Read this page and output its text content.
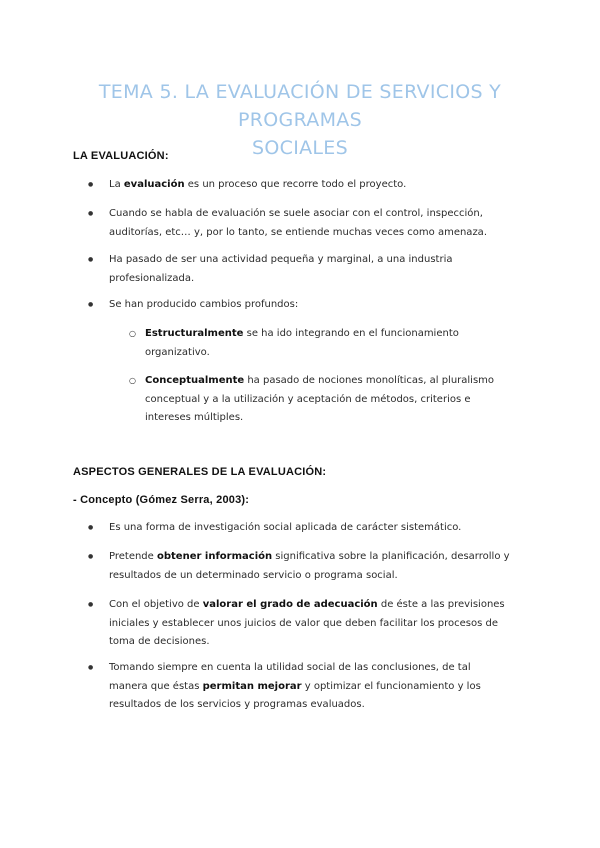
TEMA 5. LA EVALUACIÓN DE SERVICIOS Y PROGRAMAS
SOCIALES
LA EVALUACIÓN:
● La evaluación es un proceso que recorre todo el proyecto.
● Cuando se habla de evaluación se suele asociar con el control, inspección,
auditorías, etc… y, por lo tanto, se entiende muchas veces como amenaza.
● Ha pasado de ser una actividad pequeña y marginal, a una industria
profesionalizada.
● Se han producido cambios profundos:
○ Estructuralmente se ha ido integrando en el funcionamiento
organizativo.
○ Conceptualmente ha pasado de nociones monolíticas, al pluralismo
conceptual y a la utilización y aceptación de métodos, criterios e
intereses múltiples.
ASPECTOS GENERALES DE LA EVALUACIÓN:
- Concepto (Gómez Serra, 2003):
● Es una forma de investigación social aplicada de carácter sistemático.
● Pretende obtener información significativa sobre la planificación, desarrollo y
resultados de un determinado servicio o programa social.
● Con el objetivo de valorar el grado de adecuación de éste a las previsiones
iniciales y establecer unos juicios de valor que deben facilitar los procesos de
toma de decisiones.
● Tomando siempre en cuenta la utilidad social de las conclusiones, de tal
manera que éstas permitan mejorar y optimizar el funcionamiento y los
resultados de los servicios y programas evaluados.
